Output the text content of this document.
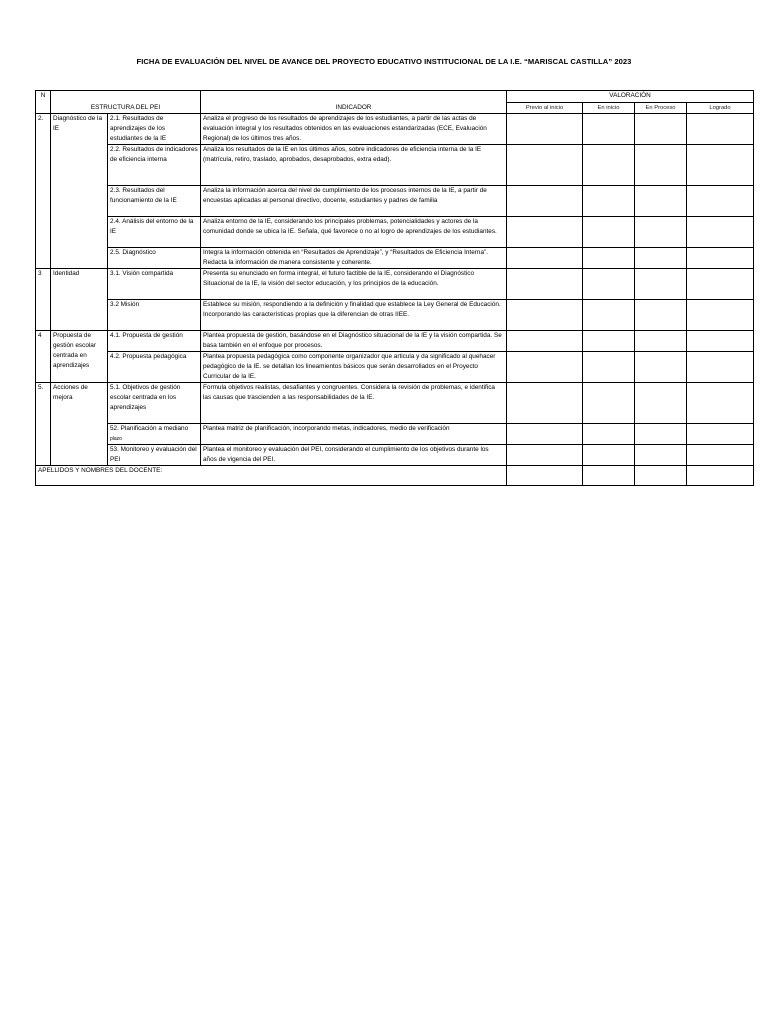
FICHA DE EVALUACIÓN DEL NIVEL DE AVANCE DEL PROYECTO EDUCATIVO INSTITUCIONAL DE LA I.E. “MARISCAL CASTILLA” 2023
N	ESTRUCTURA DEL PEI		INDICADOR	VALORACIÓN			
				Previo al inicio	En inicio	En Proceso	Logrado
2.	Diagnóstico de la IE	2.1. Resultados de aprendizajes de los estudiantes de la IE	Analiza el progreso de los resultados de aprendizajes de los estudiantes, a partir de las actas de evaluación integral y los resultados obtenidos en las evaluaciones estandarizadas (ECE, Evaluación Regional) de los últimos tres años.				
		2.2. Resultados de indicadores de eficiencia interna	Analiza los resultados de la IE en los últimos años, sobre indicadores de eficiencia interna de la IE (matrícula, retiro, traslado, aprobados, desaprobados, extra edad).				
		2.3. Resultados del funcionamiento de la IE	Analiza la información acerca del nivel de cumplimiento de los procesos internos de la IE, a partir de encuestas aplicadas al personal directivo, docente, estudiantes y padres de familia				
		2.4. Análisis del entorno de la IE	Analiza entorno de la IE, considerando los principales problemas, potencialidades y actores de la comunidad donde se ubica la IE. Señala, qué favorece o no al logro de aprendizajes de los estudiantes.				
		2.5. Diagnóstico	Integra la información obtenida en “Resultados de Aprendizaje”, y “Resultados de Eficiencia Interna”. Redacta la información de manera consistente y coherente.				
3	Identidad	3.1. Visión compartida	Presenta su enunciado en forma integral, el futuro factible de la IE, considerando el Diagnóstico Situacional de la IE, la visión del sector educación, y los principios de la educación.				
		3.2 Misión	Establece su misión, respondiendo a la definición y finalidad que establece la Ley General de Educación. Incorporando las características propias que la diferencian de otras IIEE.				
4	Propuesta de gestión escolar centrada en aprendizajes	4.1. Propuesta de gestión	Plantea propuesta de gestión, basándose en el Diagnóstico situacional de la IE y la visión compartida. Se basa también en el enfoque por procesos.				
		4.2. Propuesta pedagógica	Plantea propuesta pedagógica como componente organizador que articula y da significado al quehacer pedagógico de la IE. se detallan los lineamientos básicos que serán desarrollados en el Proyecto Curricular de la IE.				
5.	Acciones de mejora	5.1. Objetivos de gestión escolar centrada en los aprendizajes	Formula objetivos realistas, desafiantes y congruentes. Considera la revisión de problemas, e identifica las causas que trascienden a las responsabilidades de la IE.				
		52. Planificación a mediano plazo	Plantea matriz de planificación, incorporando metas, indicadores, medio de verificación				
		53. Monitoreo y evaluación del PEI	Plantea el monitoreo y evaluación del PEI, considerando el cumplimiento de los objetivos durante los años de vigencia del PEI.				
APELLIDOS Y NOMBRES DEL DOCENTE:							
